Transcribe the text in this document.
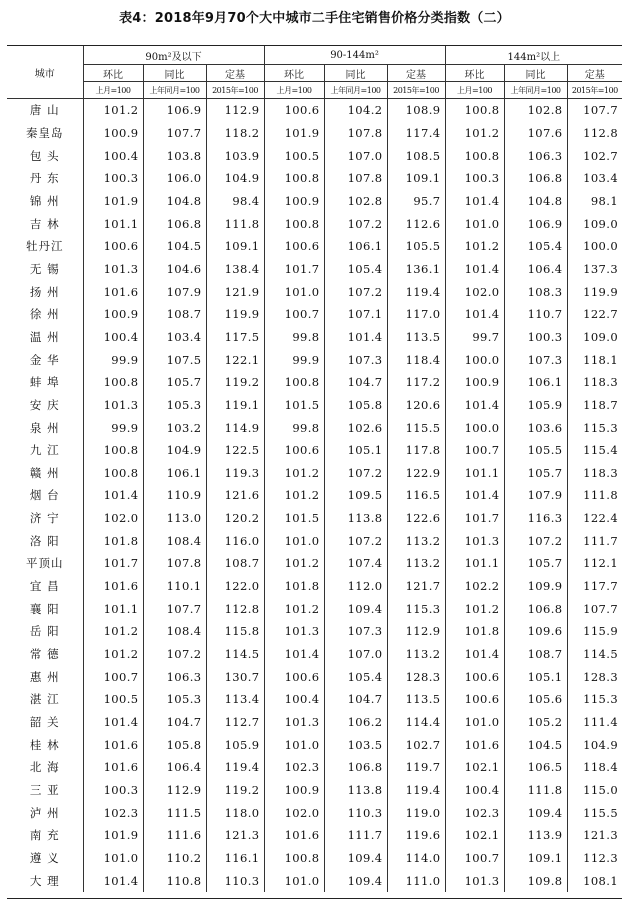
表4：2018年9月70个大中城市二手住宅销售价格分类指数（二）
城市	90m²及以下			90-144m²			144m²以上		
	环比	同比	定基	环比	同比	定基	环比	同比	定基
	上月=100	上年同月=100	2015年=100	上月=100	上年同月=100	2015年=100	上月=100	上年同月=100	2015年=100
唐 山	101.2	106.9	112.9	100.6	104.2	108.9	100.8	102.8	107.7
秦皇岛	100.9	107.7	118.2	101.9	107.8	117.4	101.2	107.6	112.8
包 头	100.4	103.8	103.9	100.5	107.0	108.5	100.8	106.3	102.7
丹 东	100.3	106.0	104.9	100.8	107.8	109.1	100.3	106.8	103.4
锦 州	101.9	104.8	98.4	100.9	102.8	95.7	101.4	104.8	98.1
吉 林	101.1	106.8	111.8	100.8	107.2	112.6	101.0	106.9	109.0
牡丹江	100.6	104.5	109.1	100.6	106.1	105.5	101.2	105.4	100.0
无 锡	101.3	104.6	138.4	101.7	105.4	136.1	101.4	106.4	137.3
扬 州	101.6	107.9	121.9	101.0	107.2	119.4	102.0	108.3	119.9
徐 州	100.9	108.7	119.9	100.7	107.1	117.0	101.4	110.7	122.7
温 州	100.4	103.4	117.5	99.8	101.4	113.5	99.7	100.3	109.0
金 华	99.9	107.5	122.1	99.9	107.3	118.4	100.0	107.3	118.1
蚌 埠	100.8	105.7	119.2	100.8	104.7	117.2	100.9	106.1	118.3
安 庆	101.3	105.3	119.1	101.5	105.8	120.6	101.4	105.9	118.7
泉 州	99.9	103.2	114.9	99.8	102.6	115.5	100.0	103.6	115.3
九 江	100.8	104.9	122.5	100.6	105.1	117.8	100.7	105.5	115.4
赣 州	100.8	106.1	119.3	101.2	107.2	122.9	101.1	105.7	118.3
烟 台	101.4	110.9	121.6	101.2	109.5	116.5	101.4	107.9	111.8
济 宁	102.0	113.0	120.2	101.5	113.8	122.6	101.7	116.3	122.4
洛 阳	101.8	108.4	116.0	101.0	107.2	113.2	101.3	107.2	111.7
平顶山	101.7	107.8	108.7	101.2	107.4	113.2	101.1	105.7	112.1
宜 昌	101.6	110.1	122.0	101.8	112.0	121.7	102.2	109.9	117.7
襄 阳	101.1	107.7	112.8	101.2	109.4	115.3	101.2	106.8	107.7
岳 阳	101.2	108.4	115.8	101.3	107.3	112.9	101.8	109.6	115.9
常 德	101.2	107.2	114.5	101.4	107.0	113.2	101.4	108.7	114.5
惠 州	100.7	106.3	130.7	100.6	105.4	128.3	100.6	105.1	128.3
湛 江	100.5	105.3	113.4	100.4	104.7	113.5	100.6	105.6	115.3
韶 关	101.4	104.7	112.7	101.3	106.2	114.4	101.0	105.2	111.4
桂 林	101.6	105.8	105.9	101.0	103.5	102.7	101.6	104.5	104.9
北 海	101.6	106.4	119.4	102.3	106.8	119.7	102.1	106.5	118.4
三 亚	100.3	112.9	119.2	100.9	113.8	119.4	100.4	111.8	115.0
泸 州	102.3	111.5	118.0	102.0	110.3	119.0	102.3	109.4	115.5
南 充	101.9	111.6	121.3	101.6	111.7	119.6	102.1	113.9	121.3
遵 义	101.0	110.2	116.1	100.8	109.4	114.0	100.7	109.1	112.3
大 理	101.4	110.8	110.3	101.0	109.4	111.0	101.3	109.8	108.1
